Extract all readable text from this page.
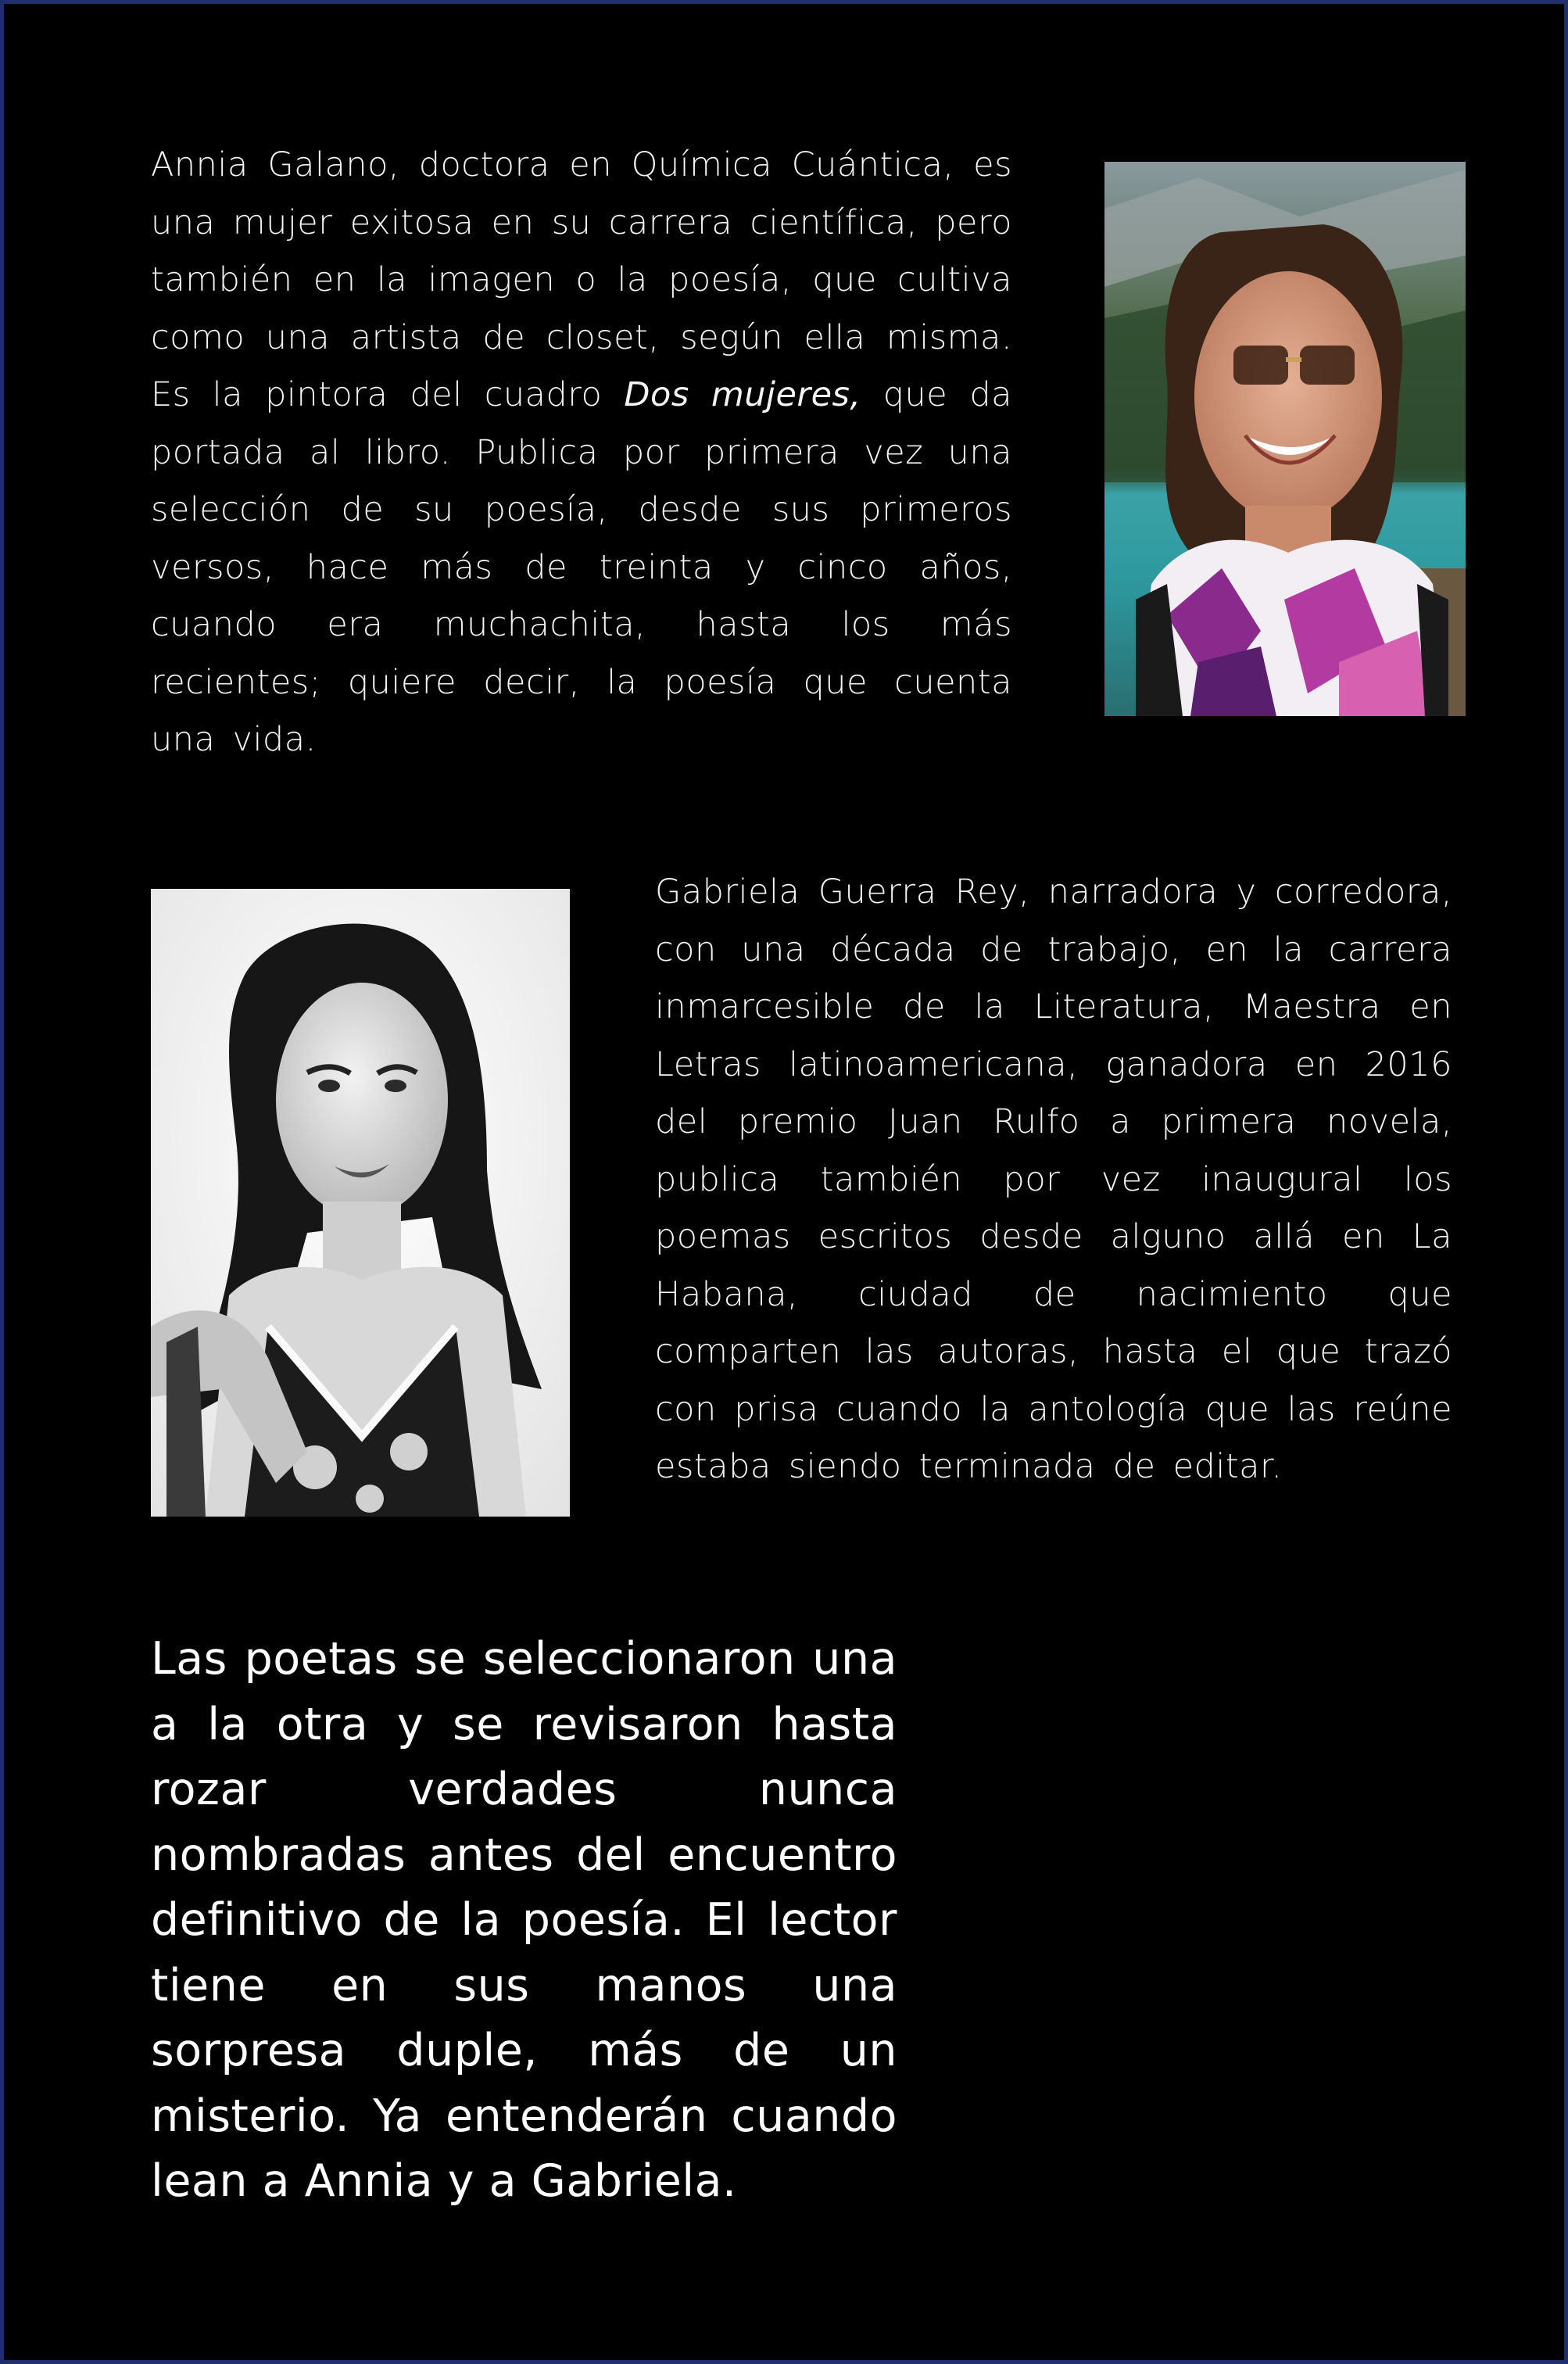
Annia Galano, doctora en Química Cuántica, es una mujer exitosa en su carrera científica, pero también en la imagen o la poesía, que cultiva como una artista de closet, según ella misma. Es la pintora del cuadro Dos mujeres, que da portada al libro. Publica por primera vez una selección de su poesía, desde sus primeros versos, hace más de treinta y cinco años, cuando era muchachita, hasta los más recientes; quiere decir, la poesía que cuenta una vida.

Gabriela Guerra Rey, narradora y corredora, con una década de trabajo, en la carrera inmarcesible de la Literatura, Maestra en Letras latinoamericana, ganadora en 2016 del premio Juan Rulfo a primera novela, publica también por vez inaugural los poemas escritos desde alguno allá en La Habana, ciudad de nacimiento que comparten las autoras, hasta el que trazó con prisa cuando la antología que las reúne estaba siendo terminada de editar.

Las poetas se seleccionaron una a la otra y se revisaron hasta rozar verdades nunca nombradas antes del encuentro definitivo de la poesía. El lector tiene en sus manos una sorpresa duple, más de un misterio. Ya entenderán cuando lean a Annia y a Gabriela.
